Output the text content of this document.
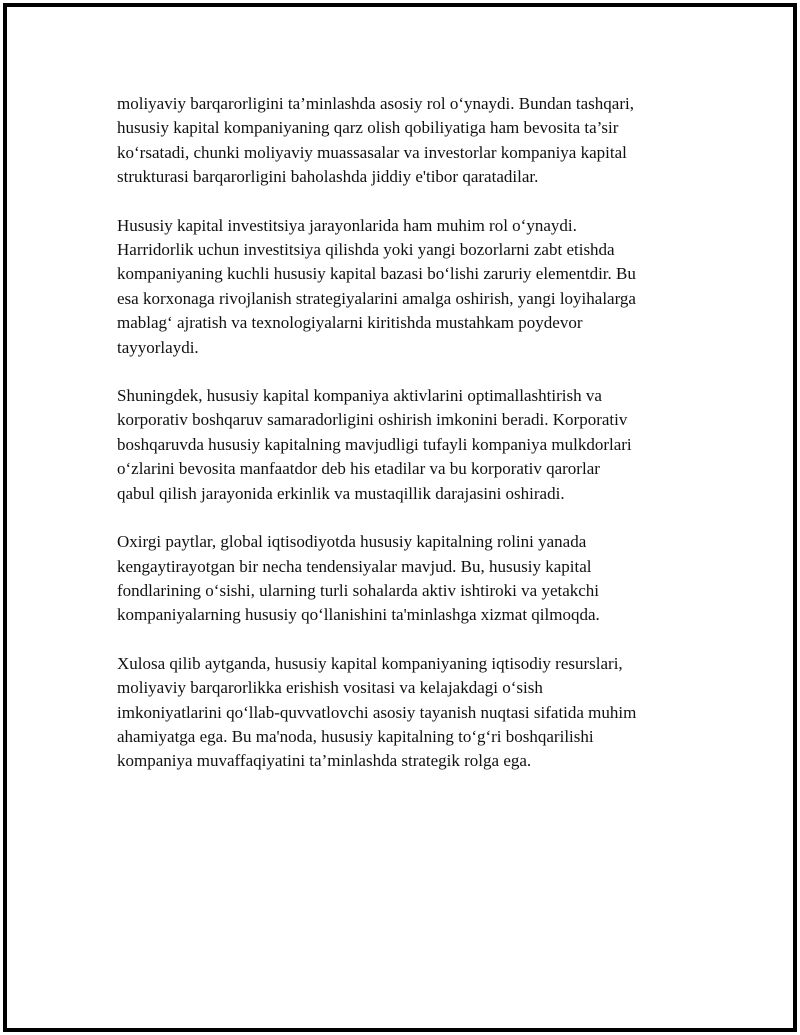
moliyaviy barqarorligini ta’minlashda asosiy rol o‘ynaydi. Bundan tashqari,
hususiy kapital kompaniyaning qarz olish qobiliyatiga ham bevosita ta’sir
ko‘rsatadi, chunki moliyaviy muassasalar va investorlar kompaniya kapital
strukturasi barqarorligini baholashda jiddiy e'tibor qaratadilar.

Hususiy kapital investitsiya jarayonlarida ham muhim rol o‘ynaydi.
Harridorlik uchun investitsiya qilishda yoki yangi bozorlarni zabt etishda
kompaniyaning kuchli hususiy kapital bazasi bo‘lishi zaruriy elementdir. Bu
esa korxonaga rivojlanish strategiyalarini amalga oshirish, yangi loyihalarga
mablag‘ ajratish va texnologiyalarni kiritishda mustahkam poydevor
tayyorlaydi.

Shuningdek, hususiy kapital kompaniya aktivlarini optimallashtirish va
korporativ boshqaruv samaradorligini oshirish imkonini beradi. Korporativ
boshqaruvda hususiy kapitalning mavjudligi tufayli kompaniya mulkdorlari
o‘zlarini bevosita manfaatdor deb his etadilar va bu korporativ qarorlar
qabul qilish jarayonida erkinlik va mustaqillik darajasini oshiradi.

Oxirgi paytlar, global iqtisodiyotda hususiy kapitalning rolini yanada
kengaytirayotgan bir necha tendensiyalar mavjud. Bu, hususiy kapital
fondlarining o‘sishi, ularning turli sohalarda aktiv ishtiroki va yetakchi
kompaniyalarning hususiy qo‘llanishini ta'minlashga xizmat qilmoqda.

Xulosa qilib aytganda, hususiy kapital kompaniyaning iqtisodiy resurslari,
moliyaviy barqarorlikka erishish vositasi va kelajakdagi o‘sish
imkoniyatlarini qo‘llab-quvvatlovchi asosiy tayanish nuqtasi sifatida muhim
ahamiyatga ega. Bu ma'noda, hususiy kapitalning to‘g‘ri boshqarilishi
kompaniya muvaffaqiyatini ta’minlashda strategik rolga ega.
